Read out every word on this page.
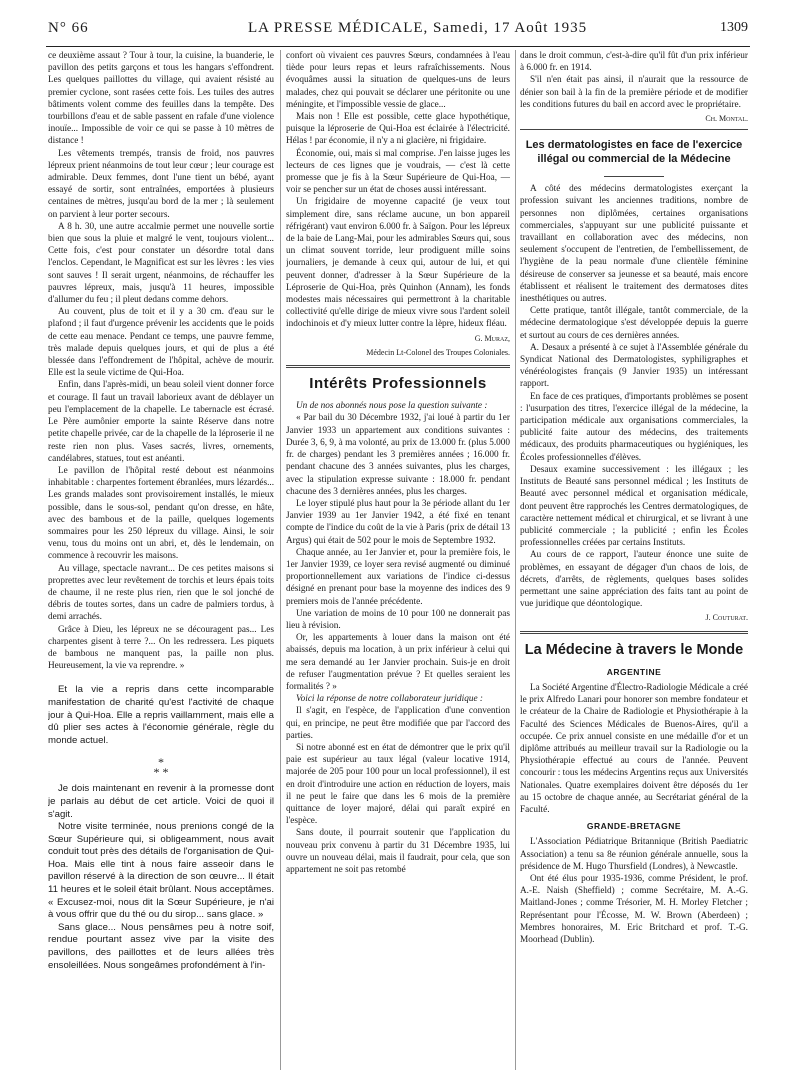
N° 66	LA PRESSE MÉDICALE, Samedi, 17 Août 1935	1309

ce deuxième assaut ? Tour à tour, la cuisine, la buanderie, le pavillon des petits garçons et tous les hangars s'effondrent. Les quelques paillottes du village, qui avaient résisté au premier cyclone, sont rasées cette fois. Les tuiles des autres bâtiments volent comme des feuilles dans la tempête. Des tourbillons d'eau et de sable passent en rafale d'une violence inouïe... Impossible de voir ce qui se passe à 10 mètres de distance !

Les vêtements trempés, transis de froid, nos pauvres lépreux prient néanmoins de tout leur cœur ; leur courage est admirable. Deux femmes, dont l'une tient un bébé, ayant essayé de sortir, sont entraînées, emportées à plusieurs centaines de mètres, jusqu'au bord de la mer ; là seulement on parvient à leur porter secours.

A 8 h. 30, une autre accalmie permet une nouvelle sortie bien que sous la pluie et malgré le vent, toujours violent... Cette fois, c'est pour constater un désordre total dans l'enclos. Cependant, le Magnificat est sur les lèvres : les vies sont sauves ! Il serait urgent, néanmoins, de réchauffer les pauvres lépreux, mais, jusqu'à 11 heures, impossible d'allumer du feu ; il pleut dedans comme dehors.

Au couvent, plus de toit et il y a 30 cm. d'eau sur le plafond ; il faut d'urgence prévenir les accidents que le poids de cette eau menace. Pendant ce temps, une pauvre femme, très malade depuis quelques jours, et qui de plus a été blessée dans l'effondrement de l'hôpital, achève de mourir. Elle est la seule victime de Qui-Hoa.

Enfin, dans l'après-midi, un beau soleil vient donner force et courage. Il faut un travail laborieux avant de déblayer un peu l'emplacement de la chapelle. Le tabernacle est écrasé. Le Père aumônier emporte la sainte Réserve dans notre petite chapelle privée, car de la chapelle de la léproserie il ne reste rien non plus. Vases sacrés, livres, ornements, candélabres, statues, tout est anéanti.

Le pavillon de l'hôpital resté debout est néanmoins inhabitable : charpentes fortement ébranlées, murs lézardés... Les grands malades sont provisoirement installés, le mieux possible, dans le sous-sol, pendant qu'on dresse, en hâte, avec des bambous et de la paille, quelques logements sommaires pour les 250 lépreux du village. Ainsi, le soir venu, tous du moins ont un abri, et, dès le lendemain, on commence à recouvrir les maisons.

Au village, spectacle navrant... De ces petites maisons si proprettes avec leur revêtement de torchis et leurs épais toits de chaume, il ne reste plus rien, rien que le sol jonché de débris de toutes sortes, dans un cadre de palmiers tordus, à demi arrachés.

Grâce à Dieu, les lépreux ne se découragent pas... Les charpentes gisent à terre ?... On les redressera. Les piquets de bambous ne manquent pas, la paille non plus. Heureusement, la vie va reprendre. »

Et la vie a repris dans cette incomparable manifestation de charité qu'est l'activité de chaque jour à Qui-Hoa. Elle a repris vaillamment, mais elle a dû plier ses actes à l'économie générale, règle du monde actuel.

*
* *

Je dois maintenant en revenir à la promesse dont je parlais au début de cet article. Voici de quoi il s'agit.

Notre visite terminée, nous prenions congé de la Sœur Supérieure qui, si obligeamment, nous avait conduit tout près des détails de l'organisation de Qui-Hoa. Mais elle tint à nous faire asseoir dans le pavillon réservé à la direction de son œuvre... Il était 11 heures et le soleil était brûlant. Nous acceptâmes. « Excusez-moi, nous dit la Sœur Supérieure, je n'ai à vous offrir que du thé ou du sirop... sans glace. »

Sans glace... Nous pensâmes peu à notre soif, rendue pourtant assez vive par la visite des pavillons, des paillottes et de leurs allées très ensoleillées. Nous songeâmes profondément à l'in-

confort où vivaient ces pauvres Sœurs, condamnées à l'eau tiède pour leurs repas et leurs rafraîchissements. Nous évoquâmes aussi la situation de quelques-uns de leurs malades, chez qui pouvait se déclarer une péritonite ou une méningite, et l'impossible vessie de glace...

Mais non ! Elle est possible, cette glace hypothétique, puisque la léproserie de Qui-Hoa est éclairée à l'électricité. Hélas ! par économie, il n'y a ni glacière, ni frigidaire.

Économie, oui, mais si mal comprise. J'en laisse juges les lecteurs de ces lignes que je voudrais, — c'est là cette promesse que je fis à la Sœur Supérieure de Qui-Hoa, — voir se pencher sur un état de choses aussi intéressant.

Un frigidaire de moyenne capacité (je veux tout simplement dire, sans réclame aucune, un bon appareil réfrigérant) vaut environ 6.000 fr. à Saïgon. Pour les lépreux de la baie de Lang-Mai, pour les admirables Sœurs qui, sous un climat souvent torride, leur prodiguent mille soins journaliers, je demande à ceux qui, autour de lui, et qui peuvent donner, d'adresser à la Sœur Supérieure de la Léproserie de Qui-Hoa, près Quinhon (Annam), les fonds modestes mais nécessaires qui permettront à la charitable collectivité qu'elle dirige de mieux vivre sous l'ardent soleil indochinois et d'y mieux lutter contre la lèpre, hideux fléau.

G. Muraz,
Médecin Lt-Colonel des Troupes Coloniales.
Intérêts Professionnels

Un de nos abonnés nous pose la question suivante :

« Par bail du 30 Décembre 1932, j'ai loué à partir du 1er Janvier 1933 un appartement aux conditions suivantes : Durée 3, 6, 9, à ma volonté, au prix de 13.000 fr. (plus 5.000 fr. de charges) pendant les 3 premières années ; 16.000 fr. pendant chacune des 3 années suivantes, plus les charges, avec la stipulation expresse suivante : 18.000 fr. pendant chacune des 3 dernières années, plus les charges.

Le loyer stipulé plus haut pour la 3e période allant du 1er Janvier 1939 au 1er Janvier 1942, a été fixé en tenant compte de l'indice du coût de la vie à Paris (prix de détail 13 Argus) qui était de 502 pour le mois de Septembre 1932.

Chaque année, au 1er Janvier et, pour la première fois, le 1er Janvier 1939, ce loyer sera revisé augmenté ou diminué proportionnellement aux variations de l'indice ci-dessus désigné en prenant pour base la moyenne des indices des 9 premiers mois de l'année précédente.

Une variation de moins de 10 pour 100 ne donnerait pas lieu à révision.

Or, les appartements à louer dans la maison ont été abaissés, depuis ma location, à un prix inférieur à celui qui me sera demandé au 1er Janvier prochain. Suis-je en droit de refuser l'augmentation prévue ? Et quelles seraient les formalités ? »

Voici la réponse de notre collaborateur juridique :

Il s'agit, en l'espèce, de l'application d'une convention qui, en principe, ne peut être modifiée que par l'accord des parties.

Si notre abonné est en état de démontrer que le prix qu'il paie est supérieur au taux légal (valeur locative 1914, majorée de 205 pour 100 pour un local professionnel), il est en droit d'introduire une action en réduction de loyers, mais il ne peut le faire que dans les 6 mois de la première quittance de loyer majoré, délai qui paraît expiré en l'espèce.

Sans doute, il pourrait soutenir que l'application du nouveau prix convenu à partir du 31 Décembre 1935, lui ouvre un nouveau délai, mais il faudrait, pour cela, que son appartement ne soit pas retombé

dans le droit commun, c'est-à-dire qu'il fût d'un prix inférieur à 6.000 fr. en 1914.

S'il n'en était pas ainsi, il n'aurait que la ressource de dénier son bail à la fin de la première période et de modifier les conditions futures du bail en accord avec le propriétaire.

Ch. Montal.
Les dermatologistes en face de l'exercice illégal ou commercial de la Médecine

A côté des médecins dermatologistes exerçant la profession suivant les anciennes traditions, nombre de personnes non diplômées, certaines organisations commerciales, s'appuyant sur une publicité puissante et travaillant en collaboration avec des médecins, non seulement s'occupent de l'entretien, de l'embellissement, de l'hygiène de la peau normale d'une clientèle féminine désireuse de conserver sa jeunesse et sa beauté, mais encore établissent et réalisent le traitement des dermatoses dites inesthétiques ou autres.

Cette pratique, tantôt illégale, tantôt commerciale, de la médecine dermatologique s'est développée depuis la guerre et surtout au cours de ces dernières années.

A. Desaux a présenté à ce sujet à l'Assemblée générale du Syndicat National des Dermatologistes, syphiligraphes et vénéréologistes français (9 Janvier 1935) un intéressant rapport.

En face de ces pratiques, d'importants problèmes se posent : l'usurpation des titres, l'exercice illégal de la médecine, la participation médicale aux organisations commerciales, la publicité faite autour des médecins, des traitements médicaux, des produits pharmaceutiques ou hygiéniques, les Écoles professionnelles d'élèves.

Desaux examine successivement : les illégaux ; les Instituts de Beauté sans personnel médical ; les Instituts de Beauté avec personnel médical et organisation médicale, dont peuvent être rapprochés les Centres dermatologiques, de caractère nettement médical et chirurgical, et se livrant à une publicité commerciale ; la publicité ; enfin les Écoles professionnelles créées par certains Instituts.

Au cours de ce rapport, l'auteur énonce une suite de problèmes, en essayant de dégager d'un chaos de lois, de décrets, d'arrêts, de règlements, quelques bases solides permettant une saine appréciation des faits tant au point de vue juridique que déontologique.

J. Couturat.
La Médecine à travers le Monde
ARGENTINE

La Société Argentine d'Électro-Radiologie Médicale a créé le prix Alfredo Lanari pour honorer son membre fondateur et le créateur de la Chaire de Radiologie et Physiothérapie à la Faculté des Sciences Médicales de Buenos-Aires, qu'il a occupée. Ce prix annuel consiste en une médaille d'or et un diplôme attribués au meilleur travail sur la Radiologie ou la Physiothérapie effectué au cours de l'année. Peuvent concourir : tous les médecins Argentins reçus aux Universités Nationales. Quatre exemplaires doivent être déposés du 1er au 15 octobre de chaque année, au Secrétariat général de la Faculté.

GRANDE-BRETAGNE

L'Association Pédiatrique Britannique (British Paediatric Association) a tenu sa 8e réunion générale annuelle, sous la présidence de M. Hugo Thursfield (Londres), à Newcastle.

Ont été élus pour 1935-1936, comme Président, le prof. A.-E. Naish (Sheffield) ; comme Secrétaire, M. A.-G. Maitland-Jones ; comme Trésorier, M. H. Morley Fletcher ; Représentant pour l'Écosse, M. W. Brown (Aberdeen) ; Membres honoraires, M. Eric Britchard et prof. T.-G. Moorhead (Dublin).
